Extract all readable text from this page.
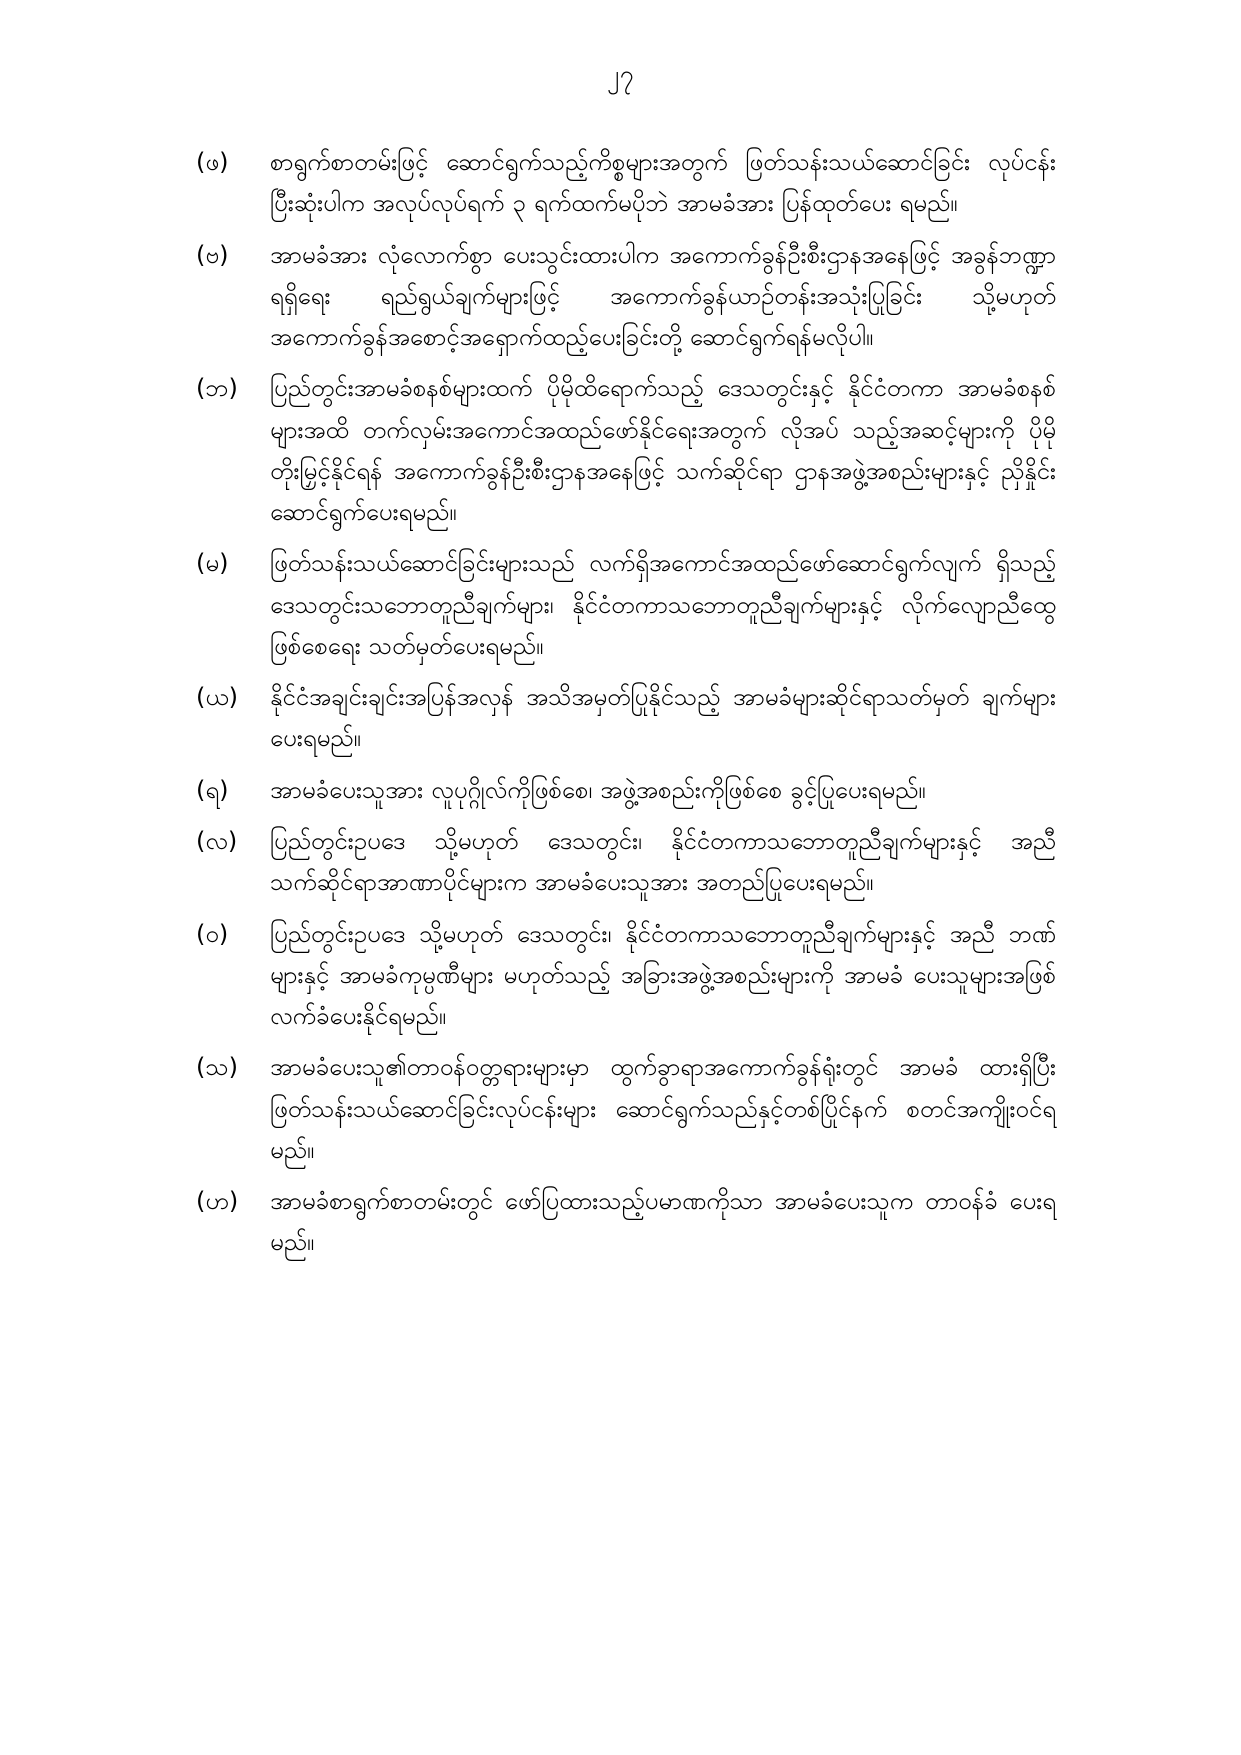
၂၇
(ဖ)	စာရွက်စာတမ်းဖြင့် ဆောင်ရွက်သည့်ကိစ္စများအတွက် ဖြတ်သန်းသယ်ဆောင်ခြင်း လုပ်ငန်းပြီးဆုံးပါက အလုပ်လုပ်ရက် ၃ ရက်ထက်မပိုဘဲ အာမခံအား ပြန်ထုတ်ပေး ရမည်။
(ဗ)	အာမခံအား လုံလောက်စွာ ပေးသွင်းထားပါက အကောက်ခွန်ဦးစီးဌာနအနေဖြင့် အခွန်ဘဏ္ဍာရရှိရေး ရည်ရွယ်ချက်များဖြင့် အကောက်ခွန်ယာဉ်တန်းအသုံးပြုခြင်း သို့မဟုတ် အကောက်ခွန်အစောင့်အရှောက်ထည့်ပေးခြင်းတို့ ဆောင်ရွက်ရန်မလိုပါ။
(ဘ)	ပြည်တွင်းအာမခံစနစ်များထက် ပိုမိုထိရောက်သည့် ဒေသတွင်းနှင့် နိုင်ငံတကာ အာမခံစနစ်များအထိ တက်လှမ်းအကောင်အထည်ဖော်နိုင်ရေးအတွက် လိုအပ် သည့်အဆင့်များကို ပိုမိုတိုးမြှင့်နိုင်ရန် အကောက်ခွန်ဦးစီးဌာနအနေဖြင့် သက်ဆိုင်ရာ ဌာနအဖွဲ့အစည်းများနှင့် ညှိနှိုင်းဆောင်ရွက်ပေးရမည်။
(မ)	ဖြတ်သန်းသယ်ဆောင်ခြင်းများသည် လက်ရှိအကောင်အထည်ဖော်ဆောင်ရွက်လျက် ရှိသည့် ဒေသတွင်းသဘောတူညီချက်များ၊ နိုင်ငံတကာသဘောတူညီချက်များနှင့် လိုက်လျောညီထွေဖြစ်စေရေး သတ်မှတ်ပေးရမည်။
(ယ)	နိုင်ငံအချင်းချင်းအပြန်အလှန် အသိအမှတ်ပြုနိုင်သည့် အာမခံများဆိုင်ရာသတ်မှတ် ချက်များပေးရမည်။
(ရ)	အာမခံပေးသူအား လူပုဂ္ဂိုလ်ကိုဖြစ်စေ၊ အဖွဲ့အစည်းကိုဖြစ်စေ ခွင့်ပြုပေးရမည်။
(လ)	ပြည်တွင်းဥပဒေ သို့မဟုတ် ဒေသတွင်း၊ နိုင်ငံတကာသဘောတူညီချက်များနှင့် အညီ သက်ဆိုင်ရာအာဏာပိုင်များက အာမခံပေးသူအား အတည်ပြုပေးရမည်။
(ဝ)	ပြည်တွင်းဥပဒေ သို့မဟုတ် ဒေသတွင်း၊ နိုင်ငံတကာသဘောတူညီချက်များနှင့် အညီ ဘဏ်များနှင့် အာမခံကုမ္ပဏီများ မဟုတ်သည့် အခြားအဖွဲ့အစည်းများကို အာမခံ ပေးသူများအဖြစ် လက်ခံပေးနိုင်ရမည်။
(သ)	အာမခံပေးသူ၏တာဝန်ဝတ္တရားများမှာ ထွက်ခွာရာအကောက်ခွန်ရုံးတွင် အာမခံ ထားရှိပြီး ဖြတ်သန်းသယ်ဆောင်ခြင်းလုပ်ငန်းများ ဆောင်ရွက်သည်နှင့်တစ်ပြိုင်နက် စတင်အကျိုးဝင်ရမည်။
(ဟ)	အာမခံစာရွက်စာတမ်းတွင် ဖော်ပြထားသည့်ပမာဏကိုသာ အာမခံပေးသူက တာဝန်ခံ ပေးရမည်။
